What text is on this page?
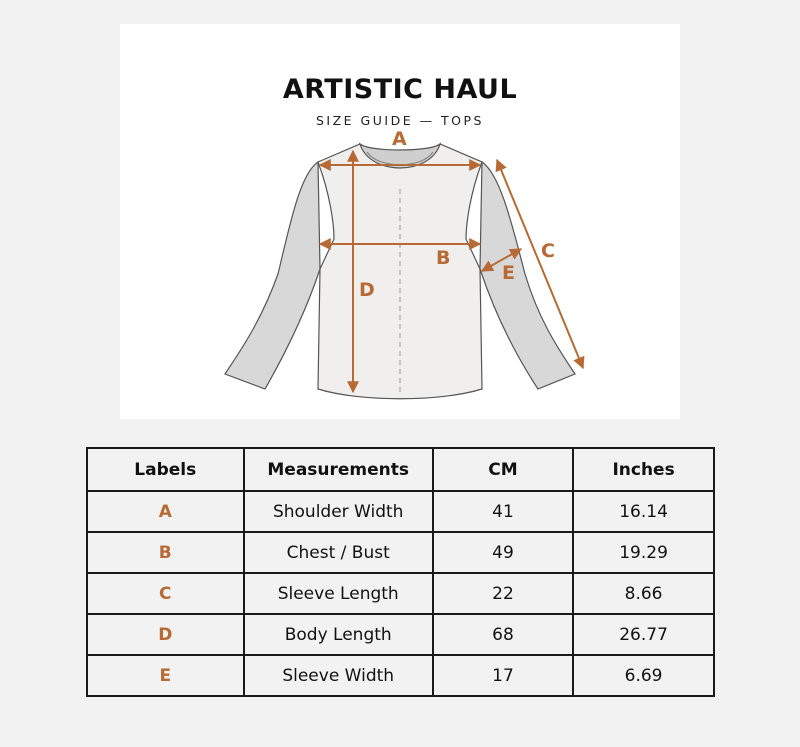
ARTISTIC HAUL
SIZE GUIDE — TOPS
A
B	C
E
D
Labels	Measurements	CM	Inches
A	Shoulder Width	41	16.14
B	Chest / Bust	49	19.29
C	Sleeve Length	22	8.66
D	Body Length	68	26.77
E	Sleeve Width	17	6.69
